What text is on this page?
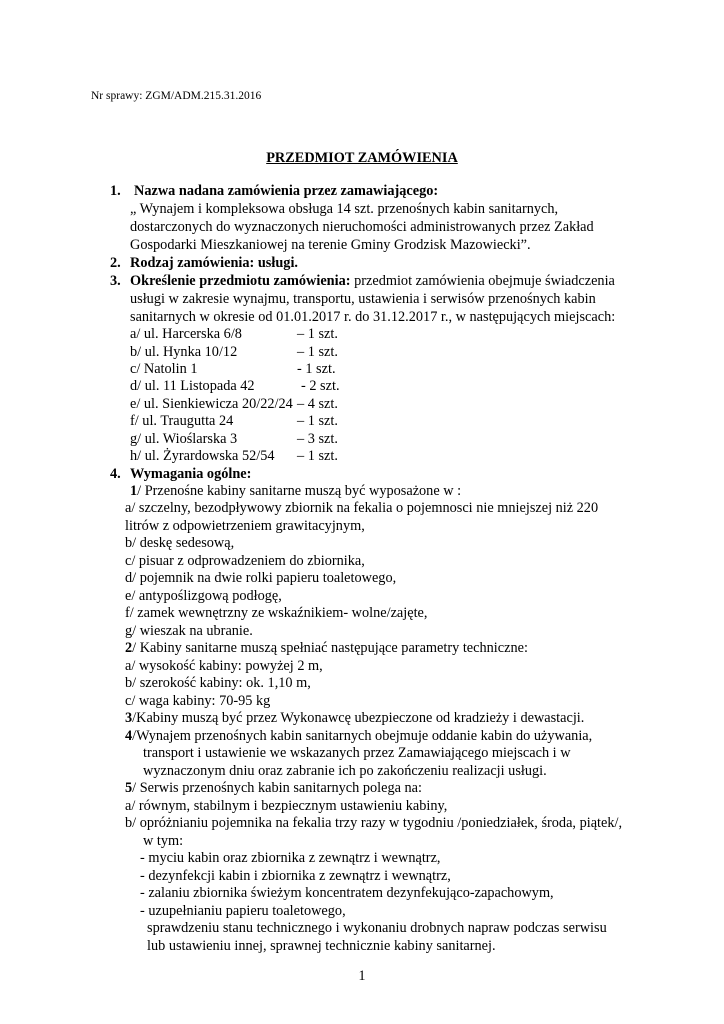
Nr sprawy: ZGM/ADM.215.31.2016
PRZEDMIOT ZAMÓWIENIA
1. Nazwa nadana zamówienia przez zamawiającego:
„ Wynajem i kompleksowa obsługa 14 szt. przenośnych kabin sanitarnych,
dostarczonych do wyznaczonych nieruchomości administrowanych przez Zakład
Gospodarki Mieszkaniowej na terenie Gminy Grodzisk Mazowiecki”.
2. Rodzaj zamówienia: usługi.
3. Określenie przedmiotu zamówienia: przedmiot zamówienia obejmuje świadczenia
usługi w zakresie wynajmu, transportu, ustawienia i serwisów przenośnych kabin
sanitarnych w okresie od 01.01.2017 r. do 31.12.2017 r., w następujących miejscach:
a/ ul. Harcerska 6/8	– 1 szt.
b/ ul. Hynka 10/12	– 1 szt.
c/ Natolin 1	- 1 szt.
d/ ul. 11 Listopada 42	- 2 szt.
e/ ul. Sienkiewicza 20/22/24 – 4 szt.
f/ ul. Traugutta 24	– 1 szt.
g/ ul. Wioślarska 3	– 3 szt.
h/ ul. Żyrardowska 52/54 – 1 szt.
4. Wymagania ogólne:
1/ Przenośne kabiny sanitarne muszą być wyposażone w :
a/ szczelny, bezodpływowy zbiornik na fekalia o pojemnosci nie mniejszej niż 220
litrów z odpowietrzeniem grawitacyjnym,
b/ deskę sedesową,
c/ pisuar z odprowadzeniem do zbiornika,
d/ pojemnik na dwie rolki papieru toaletowego,
e/ antypoślizgową podłogę,
f/ zamek wewnętrzny ze wskaźnikiem- wolne/zajęte,
g/ wieszak na ubranie.
2/ Kabiny sanitarne muszą spełniać następujące parametry techniczne:
a/ wysokość kabiny: powyżej 2 m,
b/ szerokość kabiny: ok. 1,10 m,
c/ waga kabiny: 70-95 kg
3/Kabiny muszą być przez Wykonawcę ubezpieczone od kradzieży i dewastacji.
4/Wynajem przenośnych kabin sanitarnych obejmuje oddanie kabin do używania,
transport i ustawienie we wskazanych przez Zamawiającego miejscach i w
wyznaczonym dniu oraz zabranie ich po zakończeniu realizacji usługi.
5/ Serwis przenośnych kabin sanitarnych polega na:
a/ równym, stabilnym i bezpiecznym ustawieniu kabiny,
b/ opróżnianiu pojemnika na fekalia trzy razy w tygodniu /poniedziałek, środa, piątek/,
w tym:
- myciu kabin oraz zbiornika z zewnątrz i wewnątrz,
- dezynfekcji kabin i zbiornika z zewnątrz i wewnątrz,
- zalaniu zbiornika świeżym koncentratem dezynfekująco-zapachowym,
- uzupełnianiu papieru toaletowego,
sprawdzeniu stanu technicznego i wykonaniu drobnych napraw podczas serwisu
lub ustawieniu innej, sprawnej technicznie kabiny sanitarnej.
1
